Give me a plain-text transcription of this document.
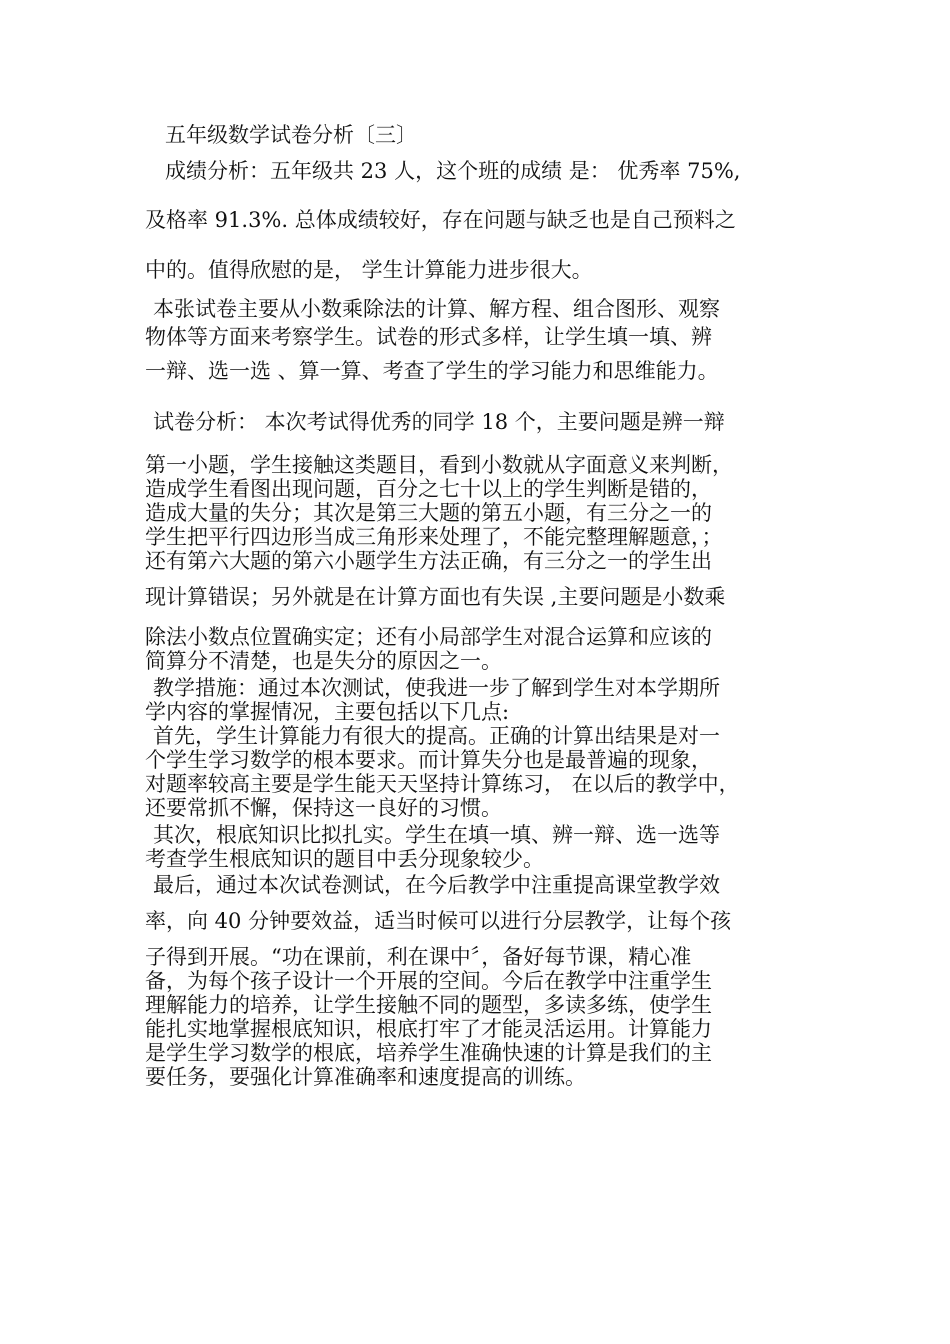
五年级数学试卷分析〔三〕
成绩分析：五年级共 23 人，这个班的成绩 是： 优秀率 75%,
及格率 91.3%. 总体成绩较好，存在问题与缺乏也是自己预料之
中的。值得欣慰的是， 学生计算能力进步很大。
本张试卷主要从小数乘除法的计算、解方程、组合图形、观察
物体等方面来考察学生。试卷的形式多样，让学生填一填、辨
一辩、选一选 、算一算、考查了学生的学习能力和思维能力。
试卷分析： 本次考试得优秀的同学 18 个，主要问题是辨一辩
第一小题，学生接触这类题目，看到小数就从字面意义来判断，
造成学生看图出现问题，百分之七十以上的学生判断是错的，
造成大量的失分；其次是第三大题的第五小题，有三分之一的
学生把平行四边形当成三角形来处理了，不能完整理解题意，；
还有第六大题的第六小题学生方法正确，有三分之一的学生出
现计算错误；另外就是在计算方面也有失误 ,主要问题是小数乘
除法小数点位置确实定；还有小局部学生对混合运算和应该的
简算分不清楚，也是失分的原因之一。
教学措施：通过本次测试，使我进一步了解到学生对本学期所
学内容的掌握情况，主要包括以下几点:
首先，学生计算能力有很大的提高。正确的计算出结果是对一
个学生学习数学的根本要求。而计算失分也是最普遍的现象，
对题率较高主要是学生能天天坚持计算练习， 在以后的教学中，
还要常抓不懈，保持这一良好的习惯。
其次，根底知识比拟扎实。学生在填一填、辨一辩、选一选等
考查学生根底知识的题目中丢分现象较少。
最后，通过本次试卷测试，在今后教学中注重提高课堂教学效
率，向 40 分钟要效益，适当时候可以进行分层教学，让每个孩
子得到开展。“功在课前，利在课中〞，备好每节课，精心准
备，为每个孩子设计一个开展的空间。今后在教学中注重学生
理解能力的培养，让学生接触不同的题型，多读多练，使学生
能扎实地掌握根底知识，根底打牢了才能灵活运用。计算能力
是学生学习数学的根底，培养学生准确快速的计算是我们的主
要任务，要强化计算准确率和速度提高的训练。
